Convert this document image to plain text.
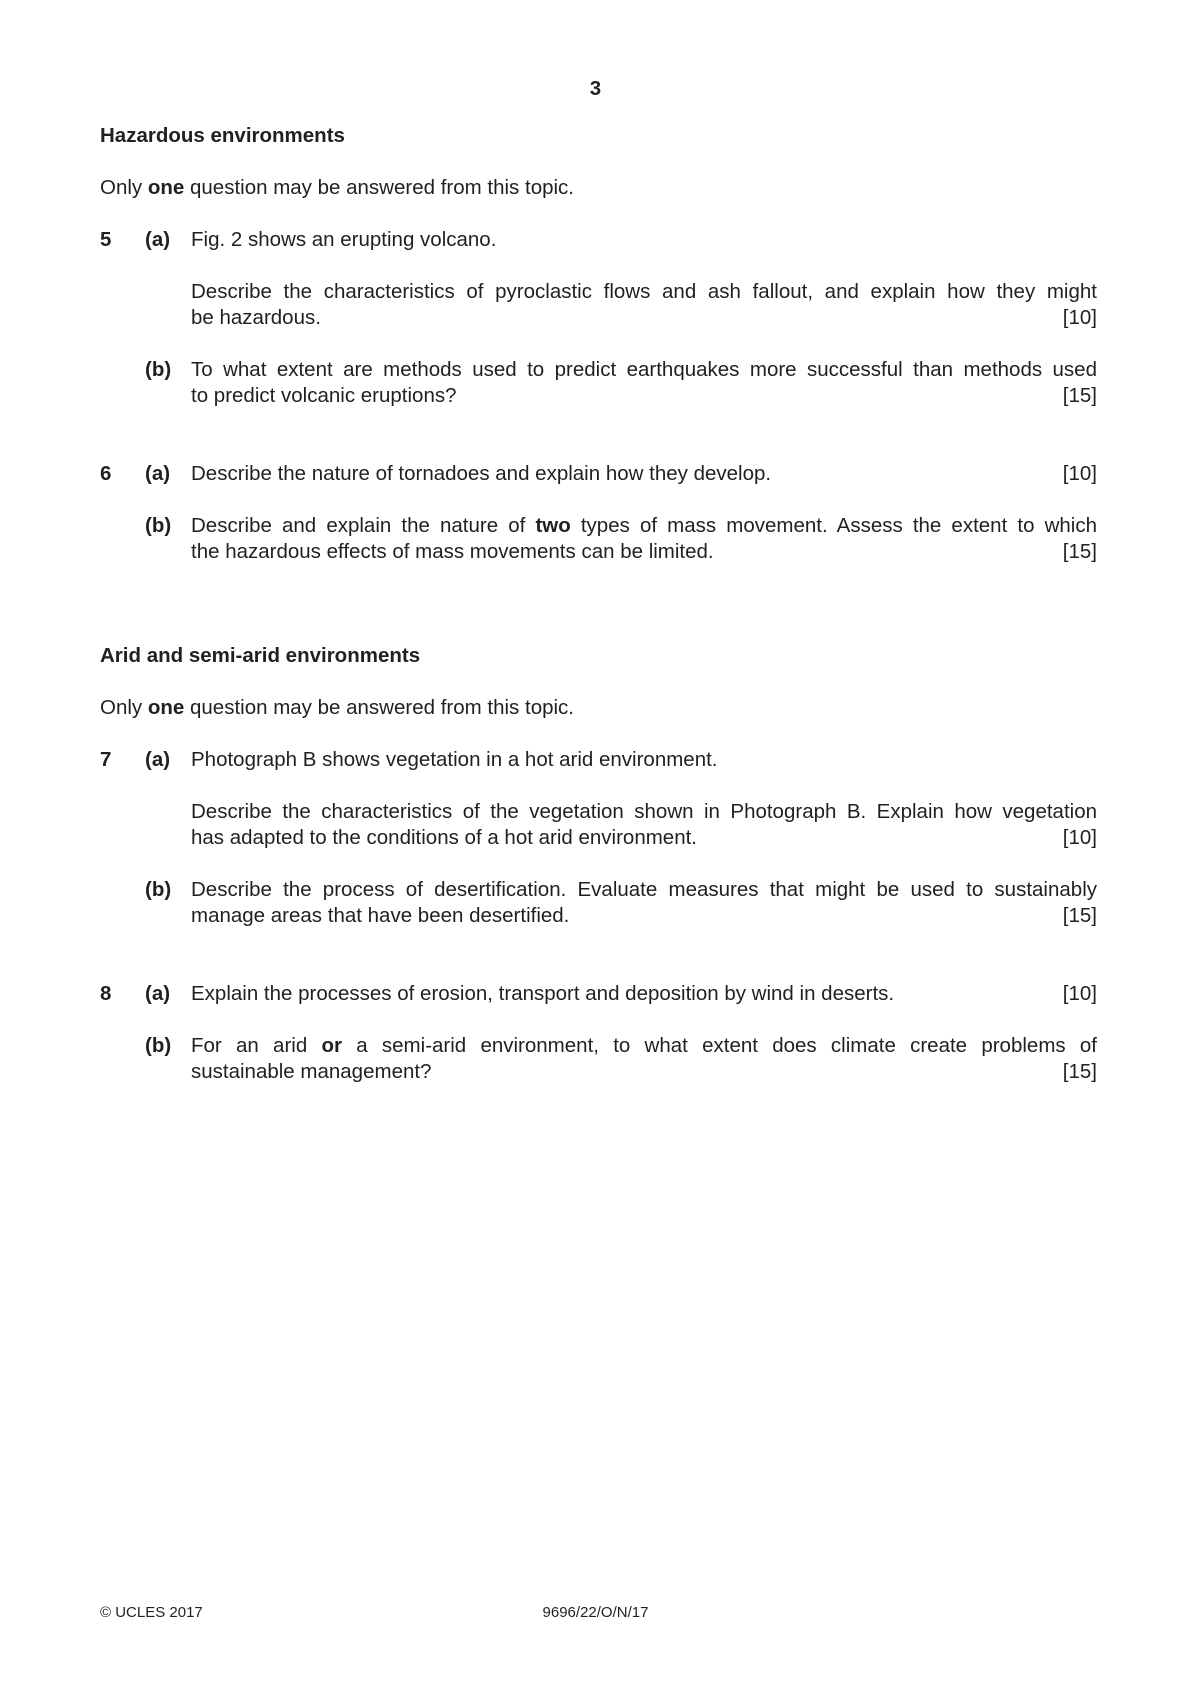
3
Hazardous environments
Only one question may be answered from this topic.
5 (a) Fig. 2 shows an erupting volcano.
Describe the characteristics of pyroclastic flows and ash fallout, and explain how they might
be hazardous.	[10]
(b) To what extent are methods used to predict earthquakes more successful than methods used
to predict volcanic eruptions?	[15]
6 (a) Describe the nature of tornadoes and explain how they develop.	[10]
(b) Describe and explain the nature of two types of mass movement. Assess the extent to which
the hazardous effects of mass movements can be limited.	[15]
Arid and semi-arid environments
Only one question may be answered from this topic.
7 (a) Photograph B shows vegetation in a hot arid environment.
Describe the characteristics of the vegetation shown in Photograph B. Explain how vegetation
has adapted to the conditions of a hot arid environment.	[10]
(b) Describe the process of desertification. Evaluate measures that might be used to sustainably
manage areas that have been desertified.	[15]
8 (a) Explain the processes of erosion, transport and deposition by wind in deserts.	[10]
(b) For an arid or a semi-arid environment, to what extent does climate create problems of
sustainable management?	[15]
© UCLES 2017	9696/22/O/N/17
